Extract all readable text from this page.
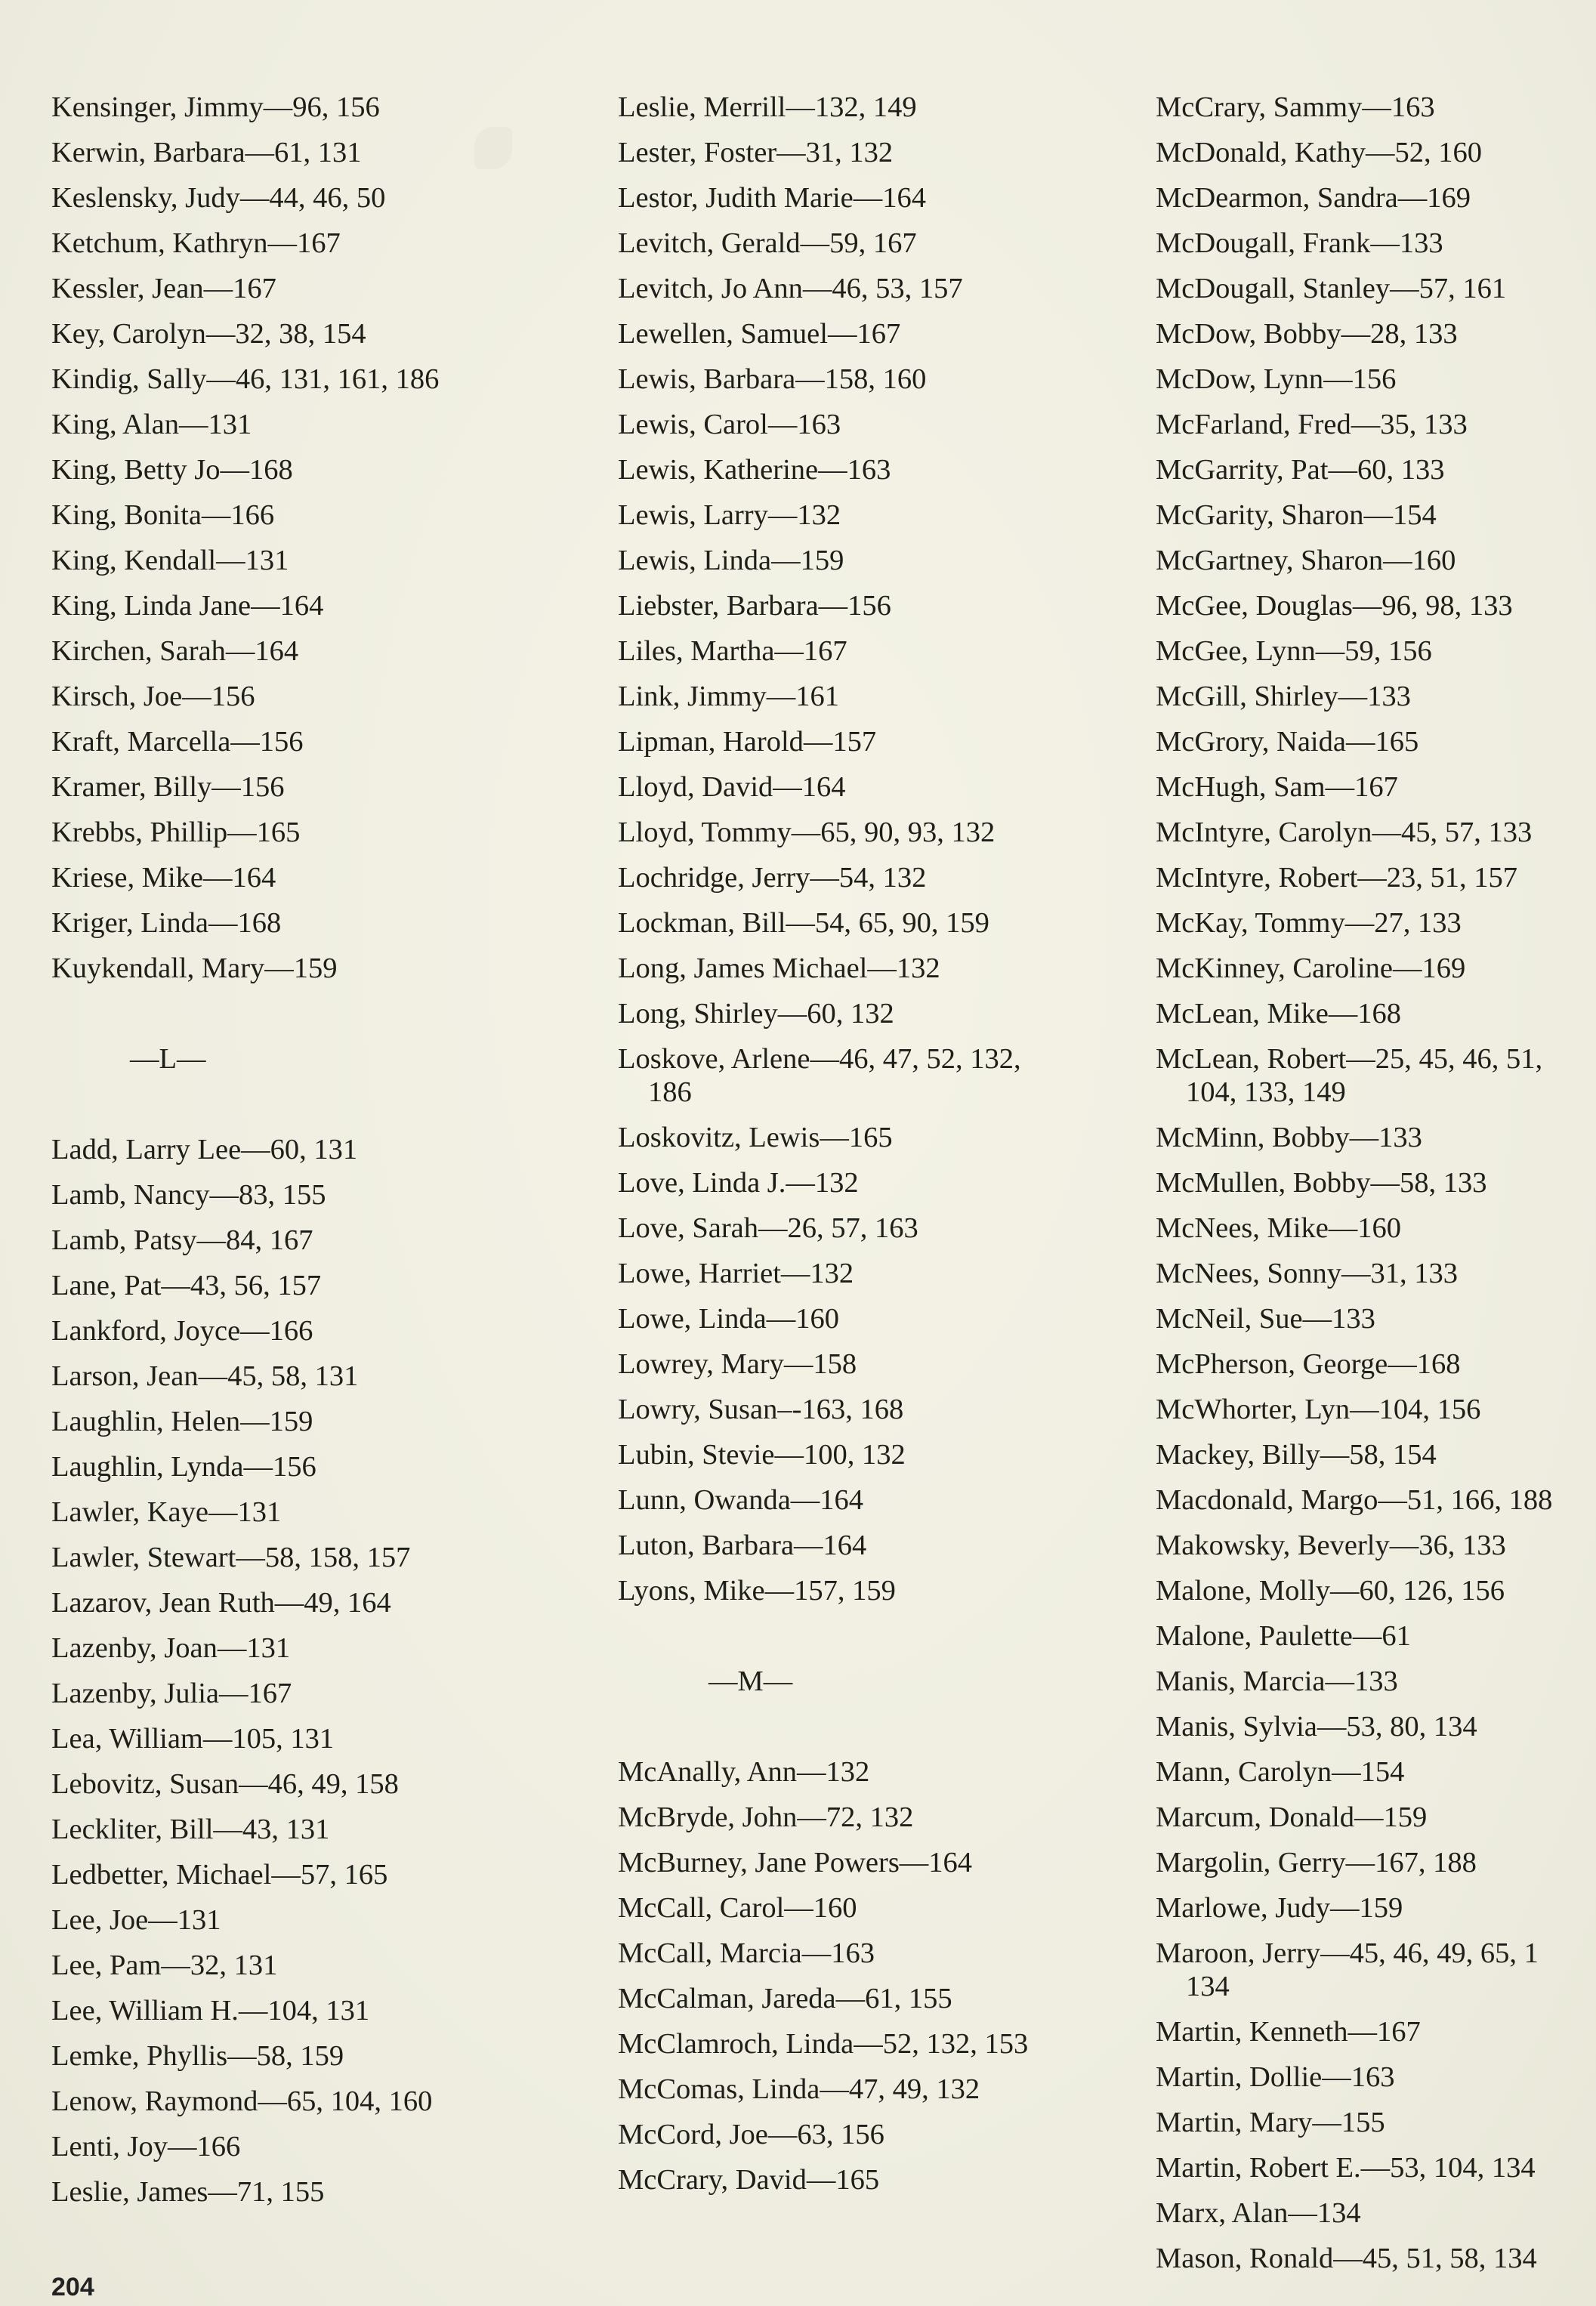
Kensinger, Jimmy—96, 156
Kerwin, Barbara—61, 131
Keslensky, Judy—44, 46, 50
Ketchum, Kathryn—167
Kessler, Jean—167
Key, Carolyn—32, 38, 154
Kindig, Sally—46, 131, 161, 186
King, Alan—131
King, Betty Jo—168
King, Bonita—166
King, Kendall—131
King, Linda Jane—164
Kirchen, Sarah—164
Kirsch, Joe—156
Kraft, Marcella—156
Kramer, Billy—156
Krebbs, Phillip—165
Kriese, Mike—164
Kriger, Linda—168
Kuykendall, Mary—159
—L—
Ladd, Larry Lee—60, 131
Lamb, Nancy—83, 155
Lamb, Patsy—84, 167
Lane, Pat—43, 56, 157
Lankford, Joyce—166
Larson, Jean—45, 58, 131
Laughlin, Helen—159
Laughlin, Lynda—156
Lawler, Kaye—131
Lawler, Stewart—58, 158, 157
Lazarov, Jean Ruth—49, 164
Lazenby, Joan—131
Lazenby, Julia—167
Lea, William—105, 131
Lebovitz, Susan—46, 49, 158
Leckliter, Bill—43, 131
Ledbetter, Michael—57, 165
Lee, Joe—131
Lee, Pam—32, 131
Lee, William H.—104, 131
Lemke, Phyllis—58, 159
Lenow, Raymond—65, 104, 160
Lenti, Joy—166
Leslie, James—71, 155
Leslie, Merrill—132, 149
Lester, Foster—31, 132
Lestor, Judith Marie—164
Levitch, Gerald—59, 167
Levitch, Jo Ann—46, 53, 157
Lewellen, Samuel—167
Lewis, Barbara—158, 160
Lewis, Carol—163
Lewis, Katherine—163
Lewis, Larry—132
Lewis, Linda—159
Liebster, Barbara—156
Liles, Martha—167
Link, Jimmy—161
Lipman, Harold—157
Lloyd, David—164
Lloyd, Tommy—65, 90, 93, 132
Lochridge, Jerry—54, 132
Lockman, Bill—54, 65, 90, 159
Long, James Michael—132
Long, Shirley—60, 132
Loskove, Arlene—46, 47, 52, 132,
186
Loskovitz, Lewis—165
Love, Linda J.—132
Love, Sarah—26, 57, 163
Lowe, Harriet—132
Lowe, Linda—160
Lowrey, Mary—158
Lowry, Susan–-163, 168
Lubin, Stevie—100, 132
Lunn, Owanda—164
Luton, Barbara—164
Lyons, Mike—157, 159
—M—
McAnally, Ann—132
McBryde, John—72, 132
McBurney, Jane Powers—164
McCall, Carol—160
McCall, Marcia—163
McCalman, Jareda—61, 155
McClamroch, Linda—52, 132, 153
McComas, Linda—47, 49, 132
McCord, Joe—63, 156
McCrary, David—165
McCrary, Sammy—163
McDonald, Kathy—52, 160
McDearmon, Sandra—169
McDougall, Frank—133
McDougall, Stanley—57, 161
McDow, Bobby—28, 133
McDow, Lynn—156
McFarland, Fred—35, 133
McGarrity, Pat—60, 133
McGarity, Sharon—154
McGartney, Sharon—160
McGee, Douglas—96, 98, 133
McGee, Lynn—59, 156
McGill, Shirley—133
McGrory, Naida—165
McHugh, Sam—167
McIntyre, Carolyn—45, 57, 133
McIntyre, Robert—23, 51, 157
McKay, Tommy—27, 133
McKinney, Caroline—169
McLean, Mike—168
McLean, Robert—25, 45, 46, 51,
104, 133, 149
McMinn, Bobby—133
McMullen, Bobby—58, 133
McNees, Mike—160
McNees, Sonny—31, 133
McNeil, Sue—133
McPherson, George—168
McWhorter, Lyn—104, 156
Mackey, Billy—58, 154
Macdonald, Margo—51, 166, 188
Makowsky, Beverly—36, 133
Malone, Molly—60, 126, 156
Malone, Paulette—61
Manis, Marcia—133
Manis, Sylvia—53, 80, 134
Mann, Carolyn—154
Marcum, Donald—159
Margolin, Gerry—167, 188
Marlowe, Judy—159
Maroon, Jerry—45, 46, 49, 65, 1
134
Martin, Kenneth—167
Martin, Dollie—163
Martin, Mary—155
Martin, Robert E.—53, 104, 134
Marx, Alan—134
Mason, Ronald—45, 51, 58, 134
204
